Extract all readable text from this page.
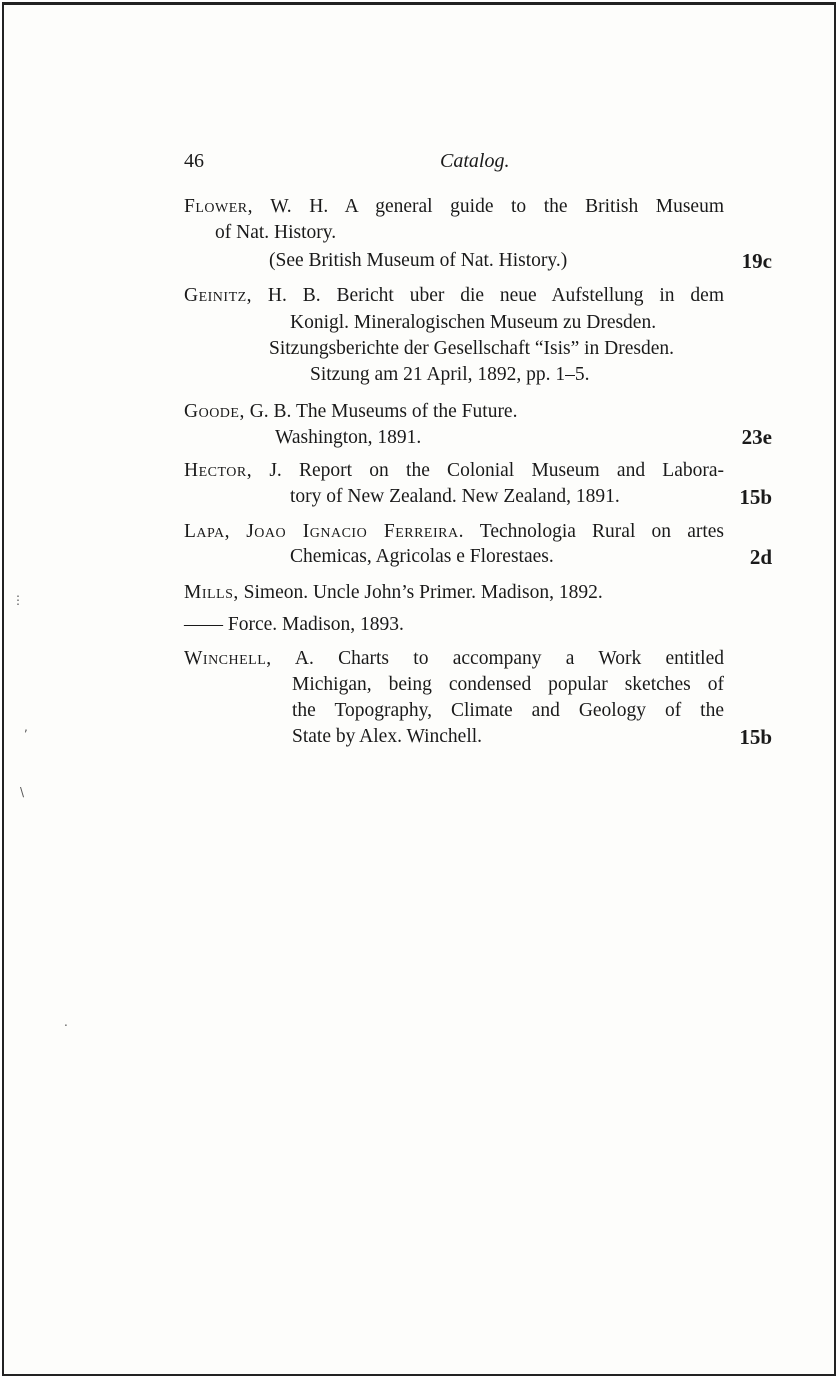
46	Catalog.
Flower, W. H. A general guide to the British Museum
of Nat. History.
(See British Museum of Nat. History.)	19c
Geinitz, H. B. Bericht uber die neue Aufstellung in dem
Konigl. Mineralogischen Museum zu Dresden.
Sitzungsberichte der Gesellschaft “Isis” in Dresden.
Sitzung am 21 April, 1892, pp. 1–5.
Goode, G. B. The Museums of the Future.
Washington, 1891.	23e
Hector, J. Report on the Colonial Museum and Labora-
tory of New Zealand. New Zealand, 1891.	15b
Lapa, Joao Ignacio Ferreira. Technologia Rural on artes
Chemicas, Agricolas e Florestaes.	2d
Mills, Simeon. Uncle John’s Primer. Madison, 1892.
—— Force. Madison, 1893.
Winchell, A. Charts to accompany a Work entitled
Michigan, being condensed popular sketches of
the Topography, Climate and Geology of the
State by Alex. Winchell.	15b
⋮
,
\
.
